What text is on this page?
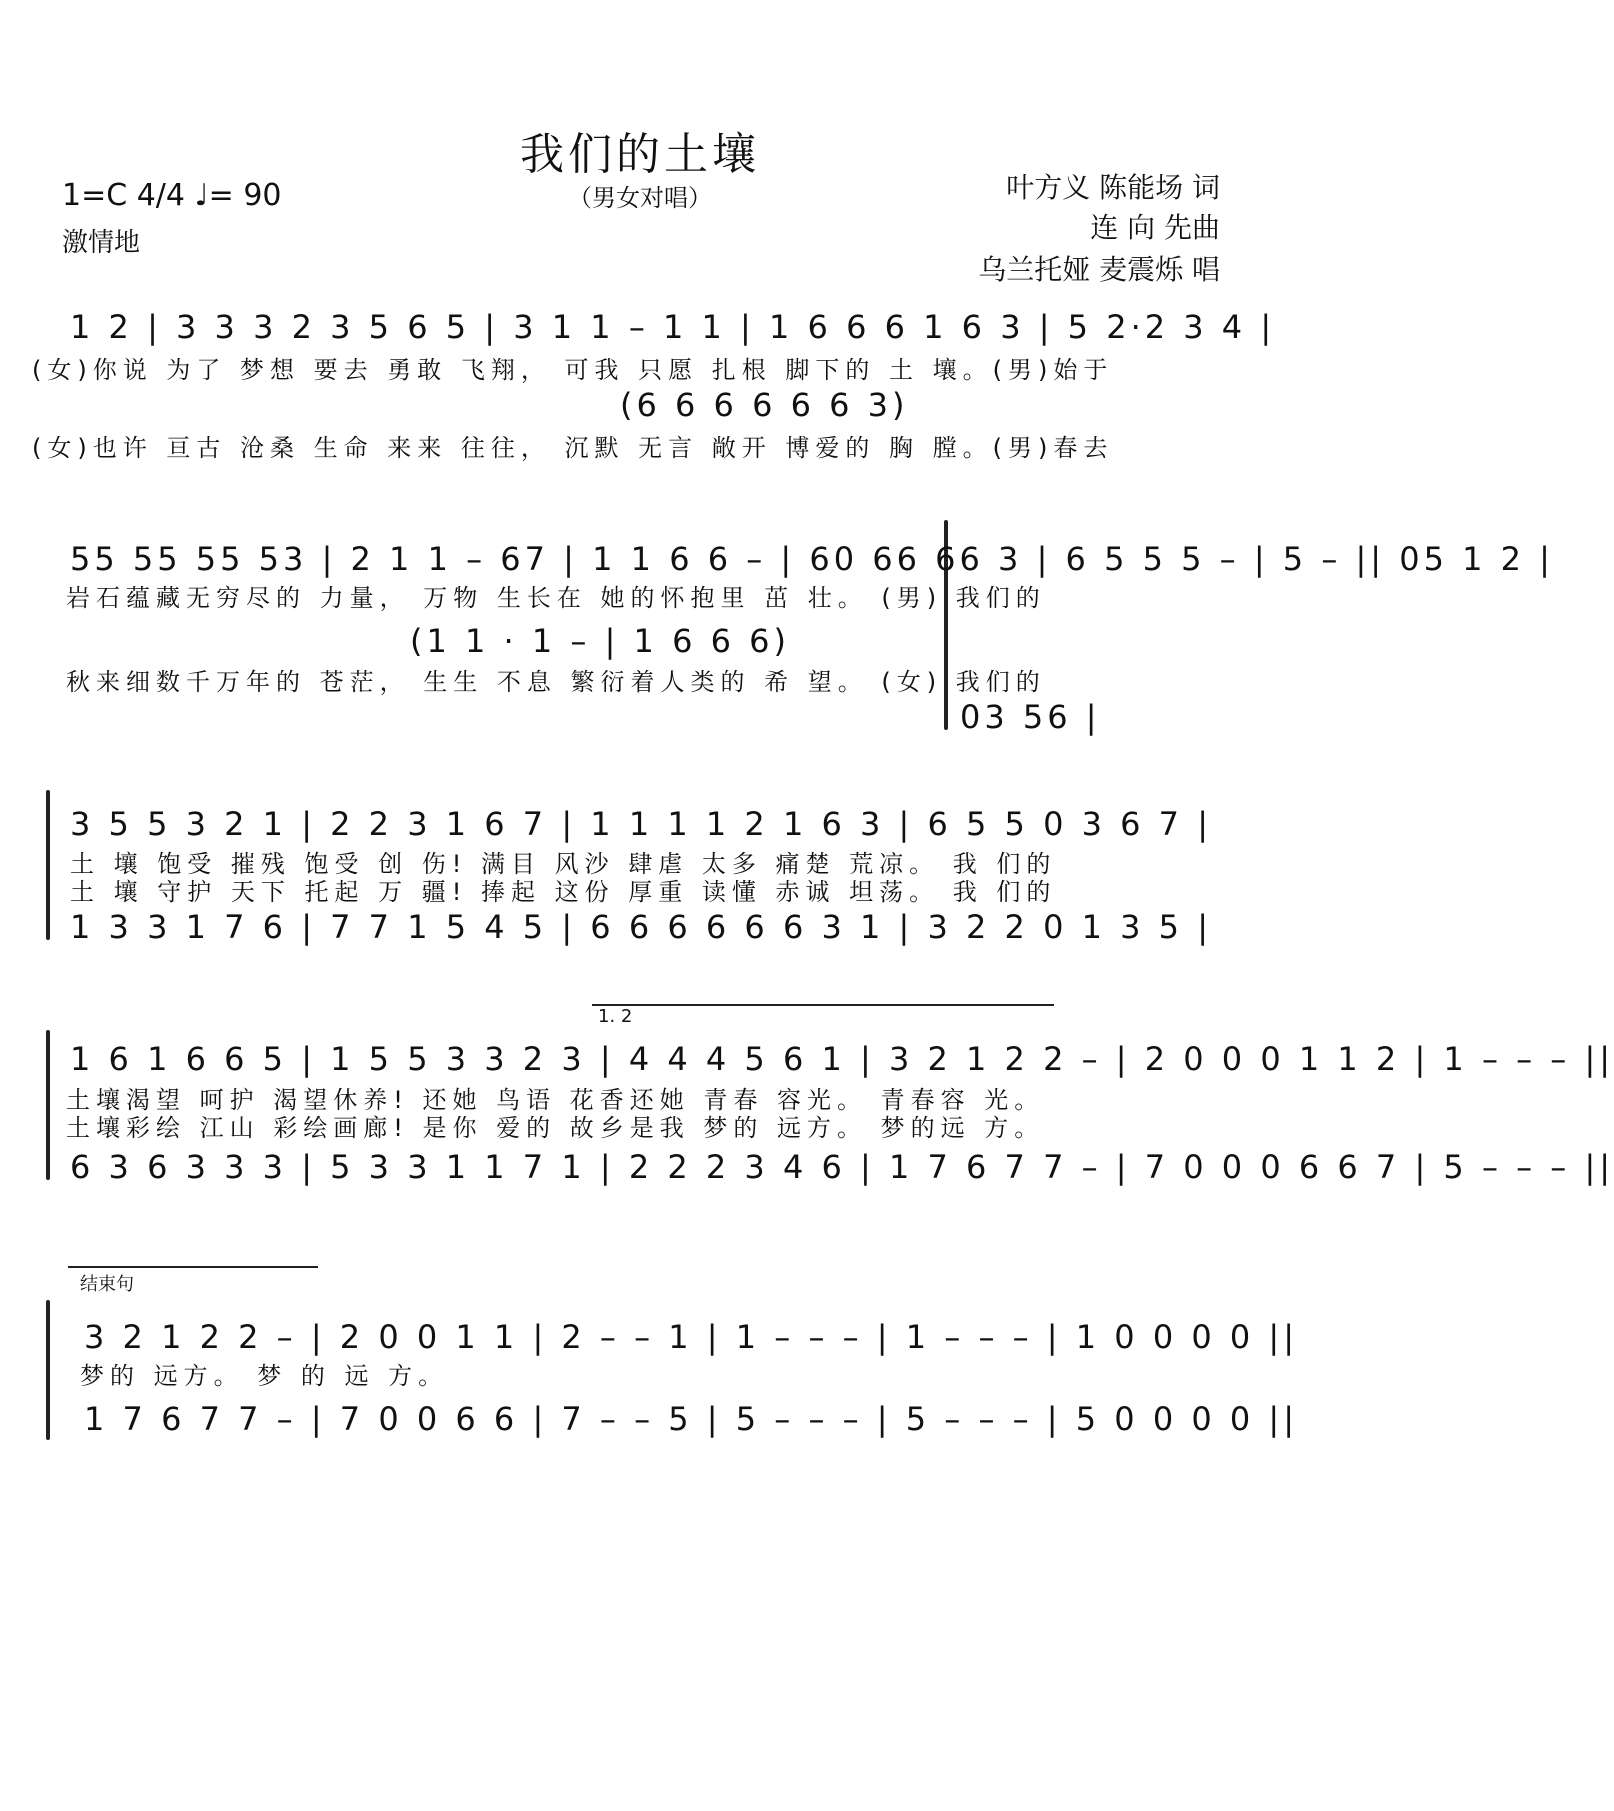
我们的土壤
（男女对唱）
1=C 4/4 ♩= 90
激情地
叶方义 陈能场 词
连 向 先曲
乌兰托娅 麦震烁 唱
1 2 | 3 3 3 2 3 5 6 5 | 3 1 1 – 1 1 | 1 6 6 6 1 6 3 | 5 2·2 3 4 |
(女)你说 为了 梦想 要去 勇敢 飞翔， 可我 只愿 扎根 脚下的 土 壤。(男)始于
(6 6 6 6 6 6 3)
(女)也许 亘古 沧桑 生命 来来 往往， 沉默 无言 敞开 博爱的 胸 膛。(男)春去
55 55 55 53 | 2 1 1 – 67 | 1 1 6 6 – | 60 66 66 3 | 6 5 5 5 – | 5 – || 05 1 2 |
岩石蕴藏无穷尽的 力量， 万物 生长在 她的怀抱里 茁 壮。 (男) 我们的
(1 1 · 1 – | 1 6 6 6)
秋来细数千万年的 苍茫， 生生 不息 繁衍着人类的 希 望。 (女) 我们的
03 56 |
3 5 5 3 2 1 | 2 2 3 1 6 7 | 1 1 1 1 2 1 6 3 | 6 5 5 0 3 6 7 |
土 壤 饱受 摧残 饱受 创 伤! 满目 风沙 肆虐 太多 痛楚 荒凉。 我 们的
土 壤 守护 天下 托起 万 疆! 捧起 这份 厚重 读懂 赤诚 坦荡。 我 们的
1 3 3 1 7 6 | 7 7 1 5 4 5 | 6 6 6 6 6 6 3 1 | 3 2 2 0 1 3 5 |
1. 2
1 6 1 6 6 5 | 1 5 5 3 3 2 3 | 4 4 4 5 6 1 | 3 2 1 2 2 – | 2 0 0 0 1 1 2 | 1 – – – ||
土壤渴望 呵护 渴望休养! 还她 鸟语 花香还她 青春 容光。 青春容 光。
土壤彩绘 江山 彩绘画廊! 是你 爱的 故乡是我 梦的 远方。 梦的远 方。
6 3 6 3 3 3 | 5 3 3 1 1 7 1 | 2 2 2 3 4 6 | 1 7 6 7 7 – | 7 0 0 0 6 6 7 | 5 – – – ||
结束句
3 2 1 2 2 – | 2 0 0 1 1 | 2 – – 1 | 1 – – – | 1 – – – | 1 0 0 0 0 ||
梦的 远方。 梦 的 远 方。
1 7 6 7 7 – | 7 0 0 6 6 | 7 – – 5 | 5 – – – | 5 – – – | 5 0 0 0 0 ||
